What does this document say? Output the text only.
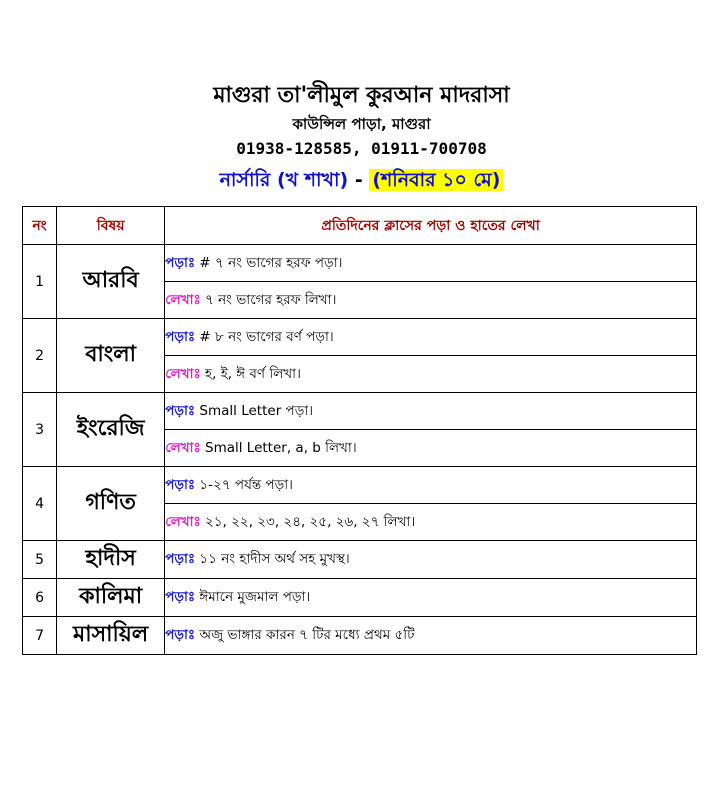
মাগুরা তা'লীমুল কুরআন মাদরাসা
কাউন্সিল পাড়া, মাগুরা
01938-128585, 01911-700708
নার্সারি (খ শাখা) - (শনিবার ১০ মে)
নং	বিষয়	প্রতিদিনের ক্লাসের পড়া ও হাতের লেখা
1	আরবি	পড়াঃ # ৭ নং ভাগের হরফ পড়া।
		লেখাঃ ৭ নং ভাগের হরফ লিখা।
2	বাংলা	পড়াঃ # ৮ নং ভাগের বর্ণ পড়া।
		লেখাঃ হ, ই, ঈ বর্ণ লিখা।
3	ইংরেজি	পড়াঃ Small Letter পড়া।
		লেখাঃ Small Letter, a, b লিখা।
4	গণিত	পড়াঃ ১-২৭ পর্যন্ত পড়া।
		লেখাঃ ২১, ২২, ২৩, ২৪, ২৫, ২৬, ২৭ লিখা।
5	হাদীস	পড়াঃ ১১ নং হাদীস অর্থ সহ মুখস্থ।
6	কালিমা	পড়াঃ ঈমানে মুজমাল পড়া।
7	মাসায়িল	পড়াঃ অজু ভাঙ্গার কারন ৭ টির মধ্যে প্রথম ৫টি
